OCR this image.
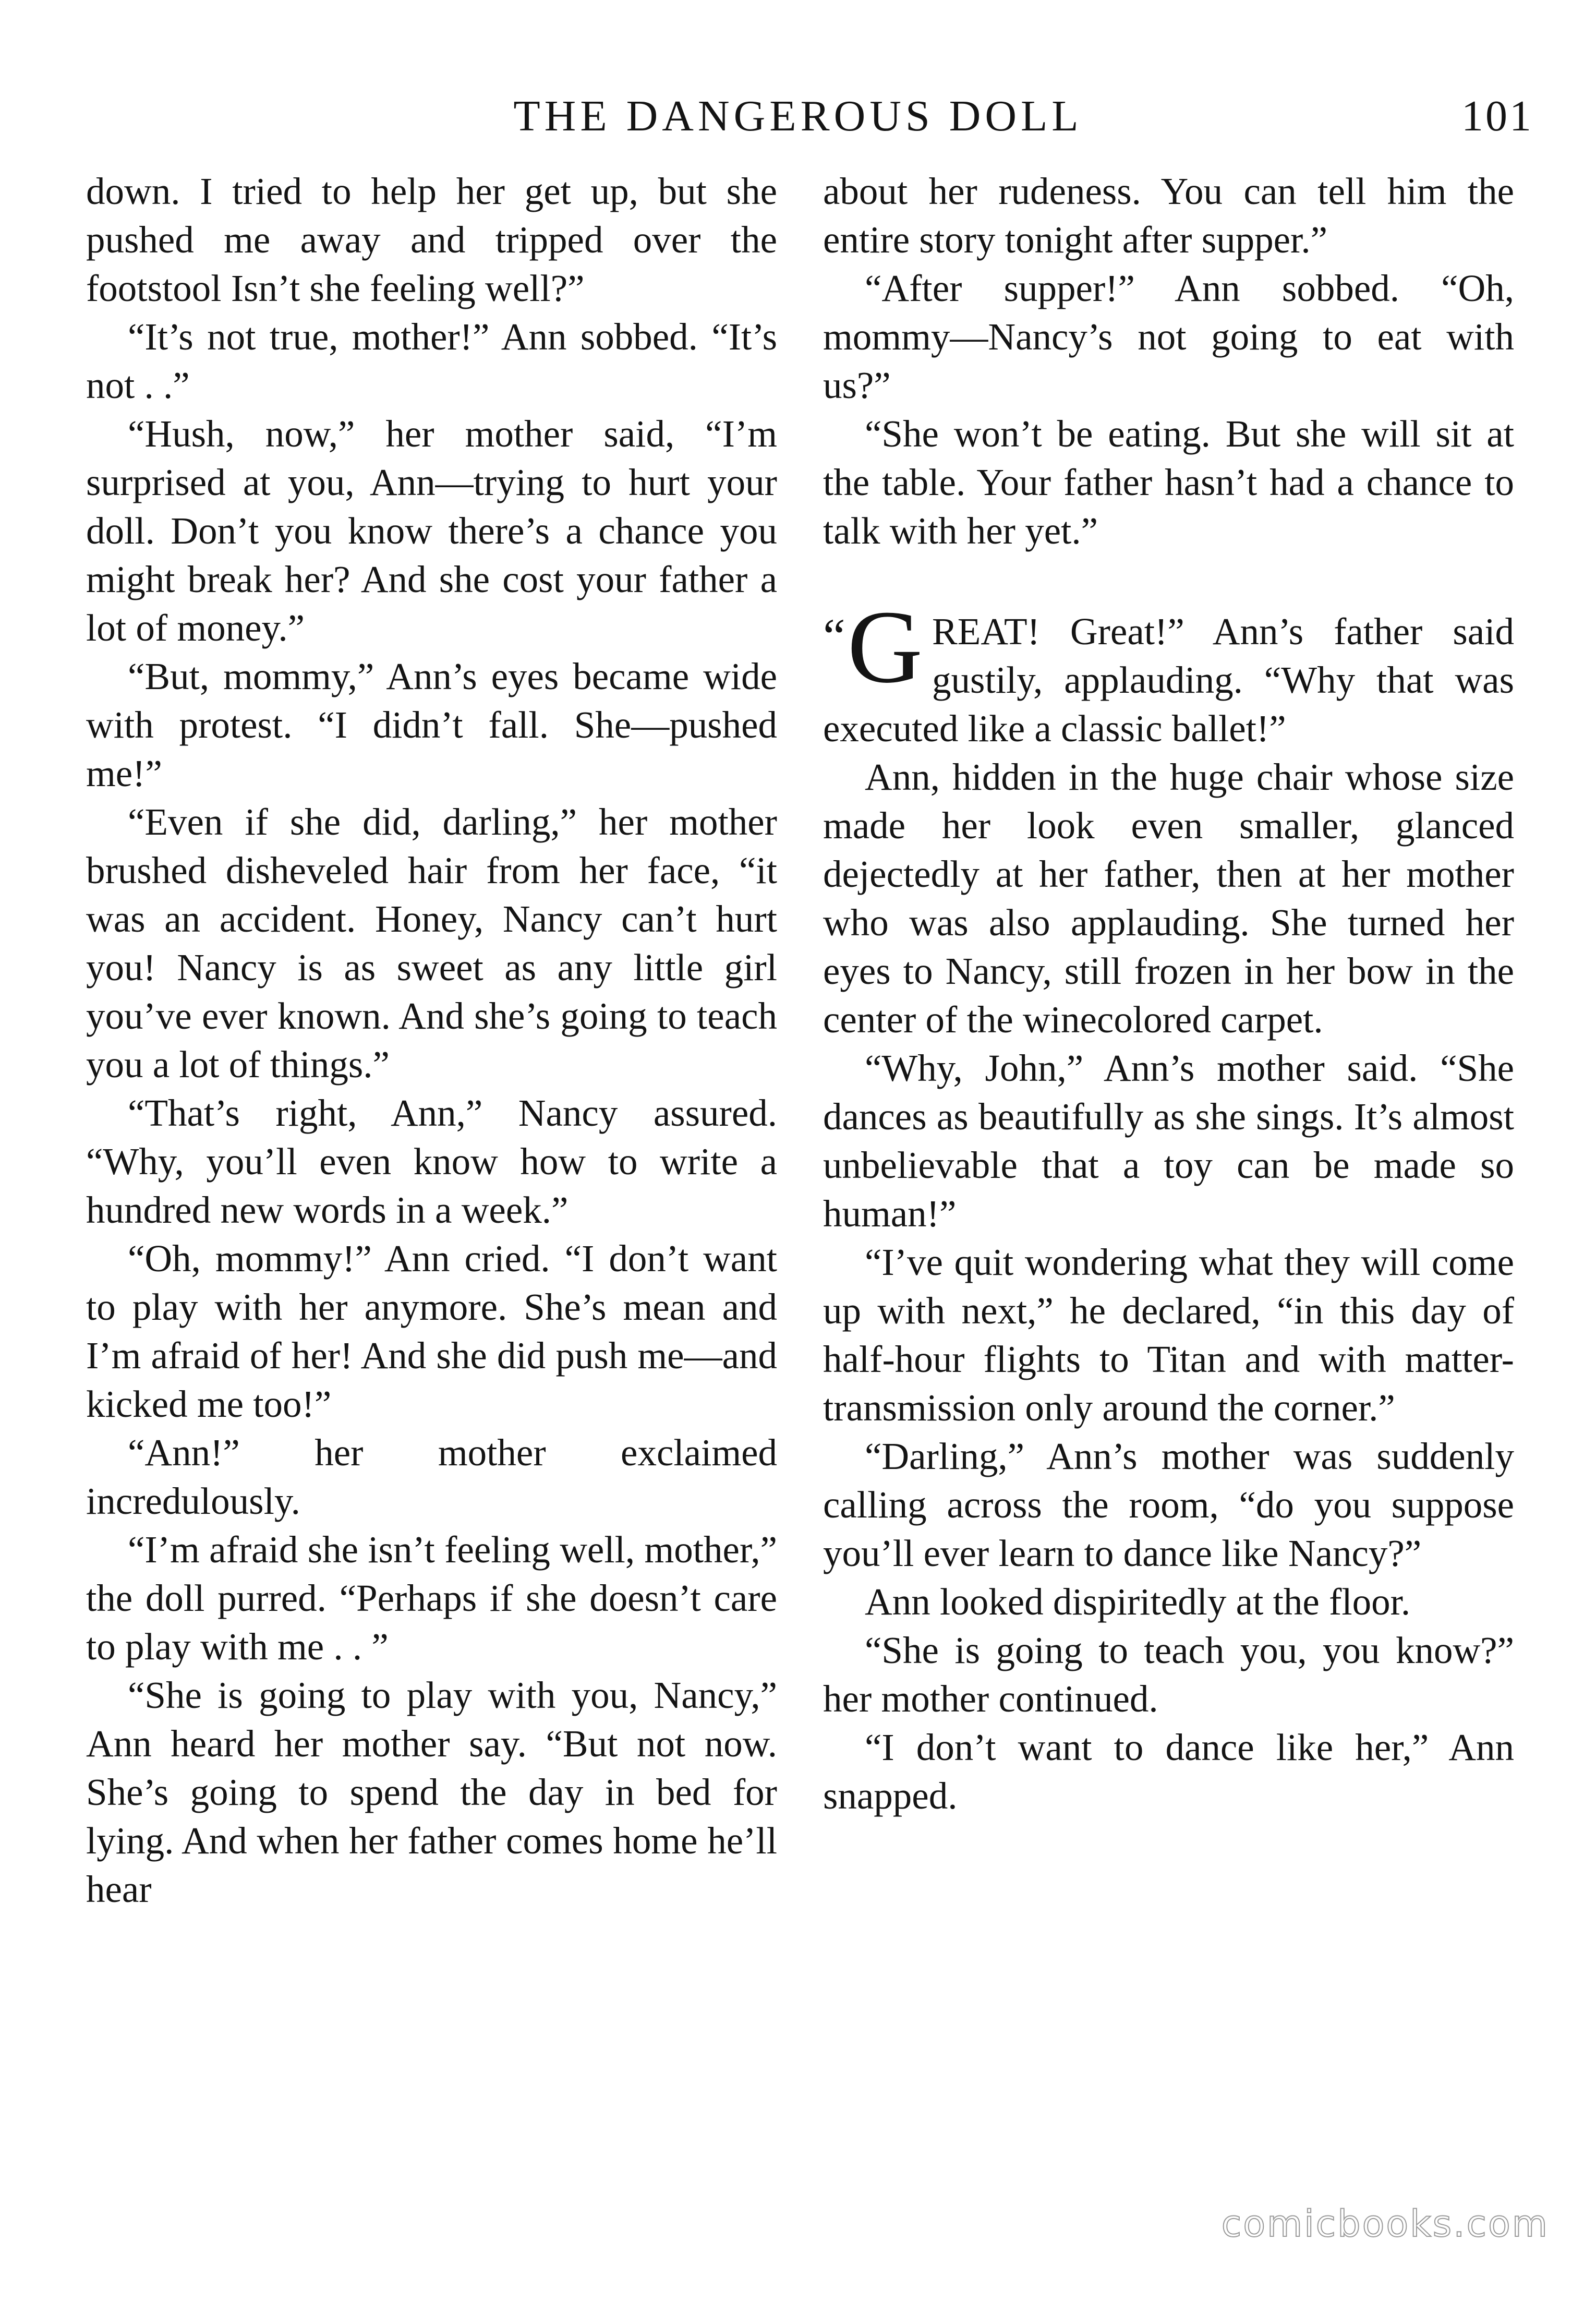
THE DANGEROUS DOLL	101

down. I tried to help her get up, but she pushed me away and tripped over the footstool Isn’t she feeling well?”

“It’s not true, mother!” Ann sobbed. “It’s not . .”

“Hush, now,” her mother said, “I’m surprised at you, Ann—trying to hurt your doll. Don’t you know there’s a chance you might break her? And she cost your father a lot of money.”

“But, mommy,” Ann’s eyes became wide with protest. “I didn’t fall. She—pushed me!”

“Even if she did, darling,” her mother brushed disheveled hair from her face, “it was an accident. Honey, Nancy can’t hurt you! Nancy is as sweet as any little girl you’ve ever known. And she’s going to teach you a lot of things.”

“That’s right, Ann,” Nancy assured. “Why, you’ll even know how to write a hundred new words in a week.”

“Oh, mommy!” Ann cried. “I don’t want to play with her anymore. She’s mean and I’m afraid of her! And she did push me—and kicked me too!”

“Ann!” her mother exclaimed incredulously.

“I’m afraid she isn’t feeling well, mother,” the doll purred. “Perhaps if she doesn’t care to play with me . . ”

“She is going to play with you, Nancy,” Ann heard her mother say. “But not now. She’s going to spend the day in bed for lying. And when her father comes home he’ll hear

about her rudeness. You can tell him the entire story tonight after supper.”

“After supper!” Ann sobbed. “Oh, mommy—Nancy’s not going to eat with us?”

“She won’t be eating. But she will sit at the table. Your father hasn’t had a chance to talk with her yet.”

“ G REAT! Great!” Ann’s father said gustily, applauding. “Why that was executed like a classic ballet!”

Ann, hidden in the huge chair whose size made her look even smaller, glanced dejectedly at her father, then at her mother who was also applauding. She turned her eyes to Nancy, still frozen in her bow in the center of the winecolored carpet.

“Why, John,” Ann’s mother said. “She dances as beautifully as she sings. It’s almost unbelievable that a toy can be made so human!”

“I’ve quit wondering what they will come up with next,” he declared, “in this day of half-hour flights to Titan and with matter-transmission only around the corner.”

“Darling,” Ann’s mother was suddenly calling across the room, “do you suppose you’ll ever learn to dance like Nancy?”

Ann looked dispiritedly at the floor.

“She is going to teach you, you know?” her mother continued.

“I don’t want to dance like her,” Ann snapped.

comicbooks.com
